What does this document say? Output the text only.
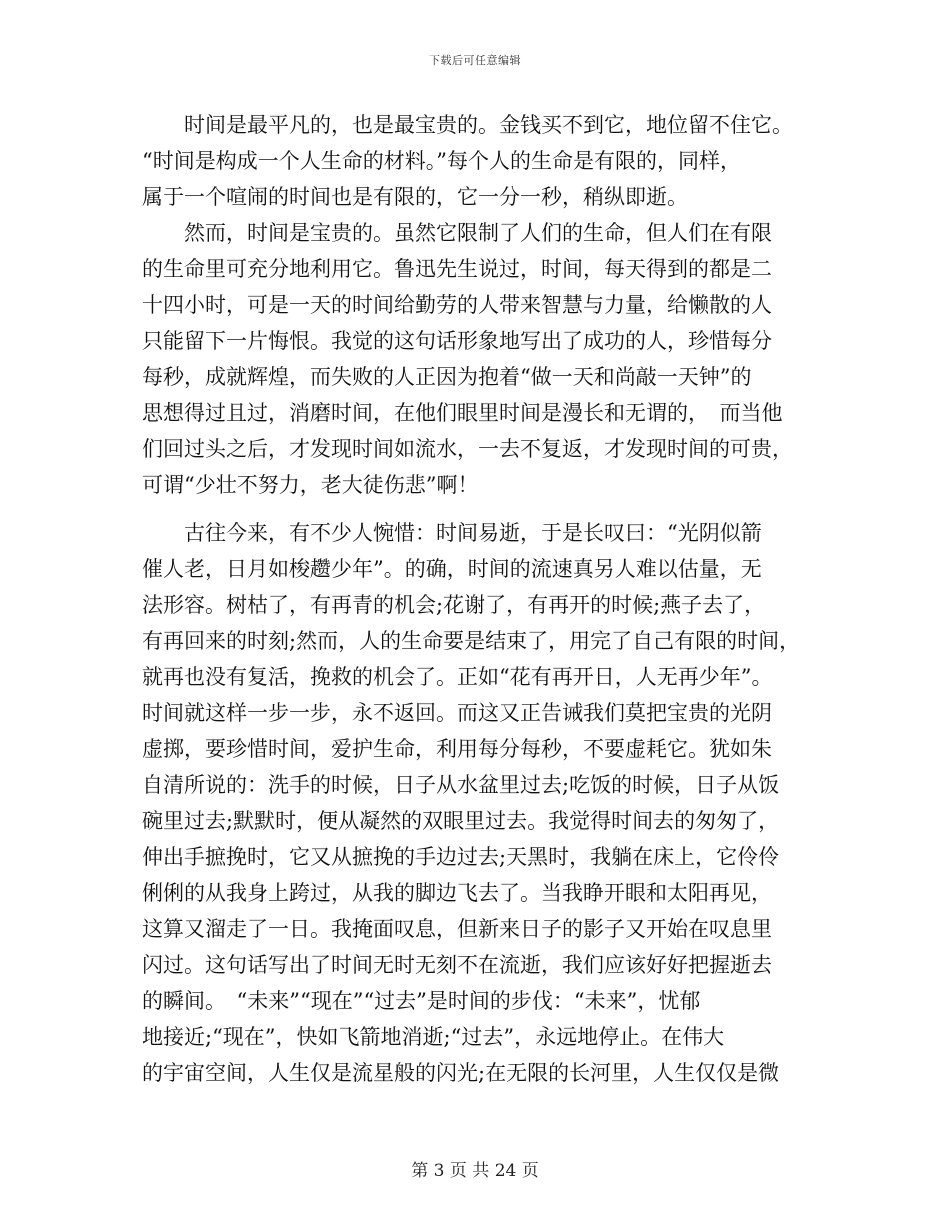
下载后可任意编辑
　　时间是最平凡的，也是最宝贵的。金钱买不到它，地位留不住它。
“时间是构成一个人生命的材料。”每个人的生命是有限的，同样，
属于一个喧闹的时间也是有限的，它一分一秒，稍纵即逝。
　　然而，时间是宝贵的。虽然它限制了人们的生命，但人们在有限
的生命里可充分地利用它。鲁迅先生说过，时间，每天得到的都是二
十四小时，可是一天的时间给勤劳的人带来智慧与力量，给懒散的人
只能留下一片悔恨。我觉的这句话形象地写出了成功的人，珍惜每分
每秒，成就辉煌，而失败的人正因为抱着“做一天和尚敲一天钟”的
思想得过且过，消磨时间，在他们眼里时间是漫长和无谓的，　而当他
们回过头之后，才发现时间如流水，一去不复返，才发现时间的可贵，
可谓“少壮不努力，老大徒伤悲”啊！
　　古往今来，有不少人惋惜：时间易逝，于是长叹曰：“光阴似箭
催人老，日月如梭趱少年”。的确，时间的流速真另人难以估量，无
法形容。树枯了，有再青的机会;花谢了，有再开的时候;燕子去了，
有再回来的时刻;然而，人的生命要是结束了，用完了自己有限的时间，
就再也没有复活，挽救的机会了。正如“花有再开日，人无再少年”。
时间就这样一步一步，永不返回。而这又正告诫我们莫把宝贵的光阴
虚掷，要珍惜时间，爱护生命，利用每分每秒，不要虚耗它。犹如朱
自清所说的：洗手的时候，日子从水盆里过去;吃饭的时候，日子从饭
碗里过去;默默时，便从凝然的双眼里过去。我觉得时间去的匆匆了，
伸出手摭挽时，它又从摭挽的手边过去;天黑时，我躺在床上，它伶伶
俐俐的从我身上跨过，从我的脚边飞去了。当我睁开眼和太阳再见，
这算又溜走了一日。我掩面叹息，但新来日子的影子又开始在叹息里
闪过。这句话写出了时间无时无刻不在流逝，我们应该好好把握逝去
的瞬间。　“未来”“现在”“过去”是时间的步伐：“未来”，忧郁
地接近;“现在”，快如飞箭地消逝;“过去”，永远地停止。在伟大
的宇宙空间，人生仅是流星般的闪光;在无限的长河里，人生仅仅是微
第 3 页 共 24 页
